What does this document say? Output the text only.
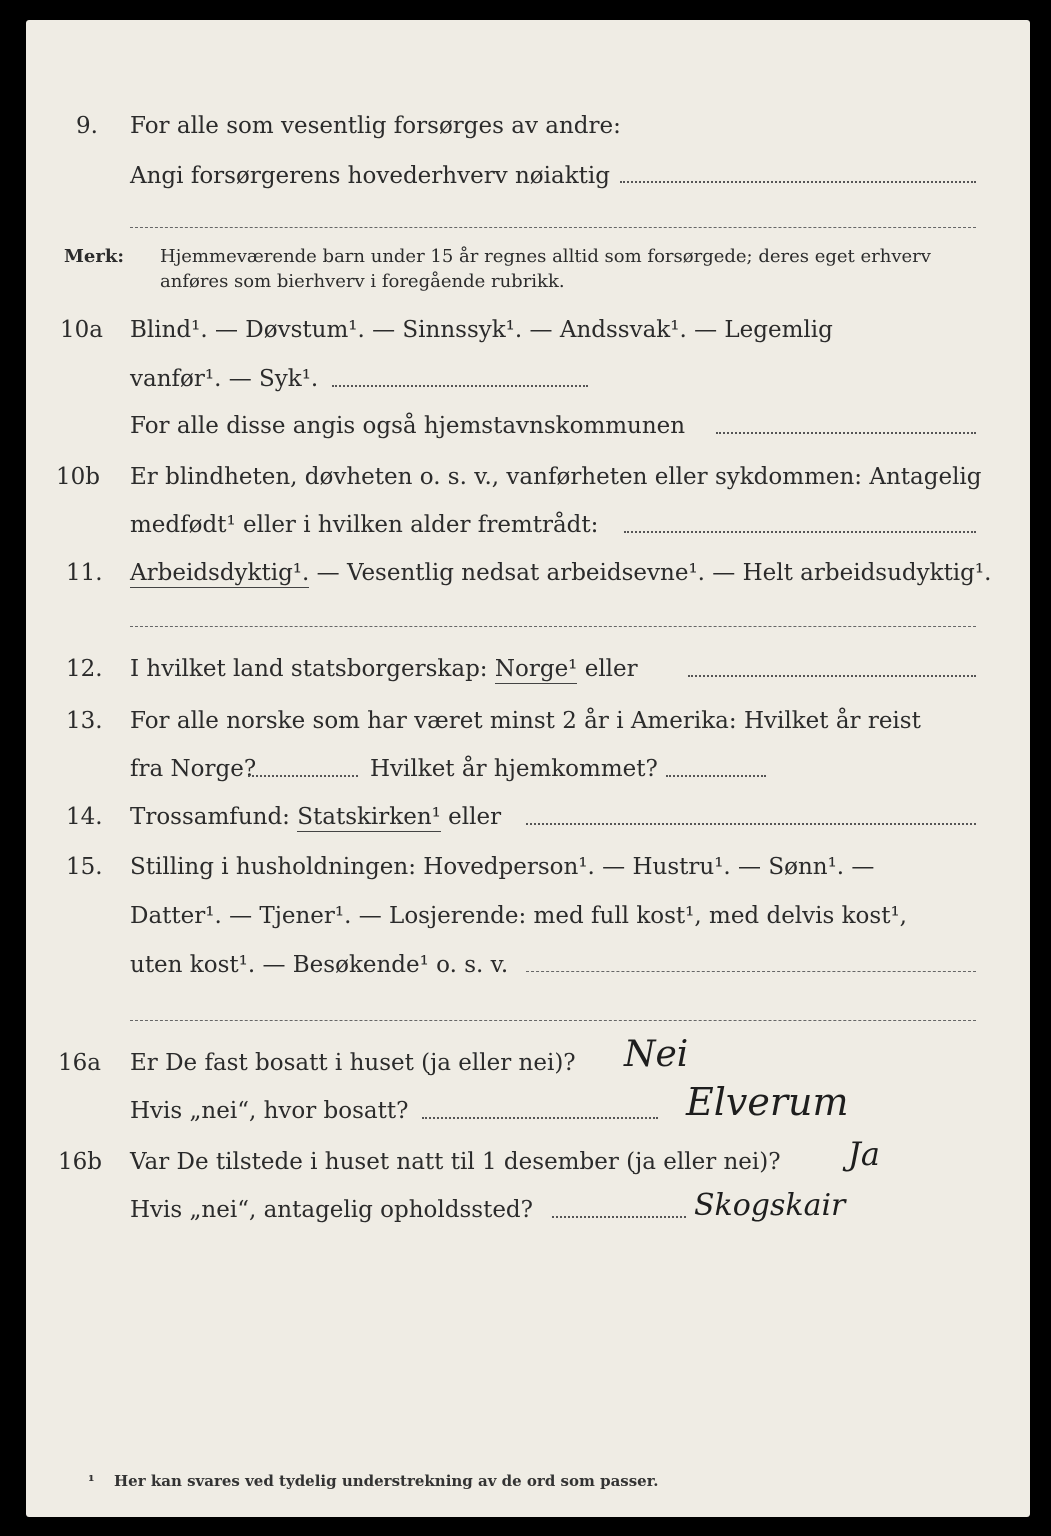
9. For alle som vesentlig forsørges av andre:
Angi forsørgerens hovederhverv nøiaktig
Merk: Hjemmeværende barn under 15 år regnes alltid som forsørgede; deres eget erhverv
anføres som bierhverv i foregående rubrikk.
10a Blind¹. — Døvstum¹. — Sinnssyk¹. — Andssvak¹. — Legemlig
vanfør¹. — Syk¹.
For alle disse angis også hjemstavnskommunen
10b Er blindheten, døvheten o. s. v., vanførheten eller sykdommen: Antagelig
medfødt¹ eller i hvilken alder fremtrådt:
11. Arbeidsdyktig¹. — Vesentlig nedsat arbeidsevne¹. — Helt arbeidsudyktig¹.
12. I hvilket land statsborgerskap: Norge¹ eller
13. For alle norske som har været minst 2 år i Amerika: Hvilket år reist
fra Norge?	Hvilket år hjemkommet?
14. Trossamfund: Statskirken¹ eller
15. Stilling i husholdningen: Hovedperson¹. — Hustru¹. — Sønn¹. —
Datter¹. — Tjener¹. — Losjerende: med full kost¹, med delvis kost¹,
uten kost¹. — Besøkende¹ o. s. v.
16a Er De fast bosatt i huset (ja eller nei)? Nei
Hvis „nei“, hvor bosatt?	Elverum
16b Var De tilstede i huset natt til 1 desember (ja eller nei)? Ja
Hvis „nei“, antagelig opholdssted?	Skogskair
¹ Her kan svares ved tydelig understrekning av de ord som passer.
